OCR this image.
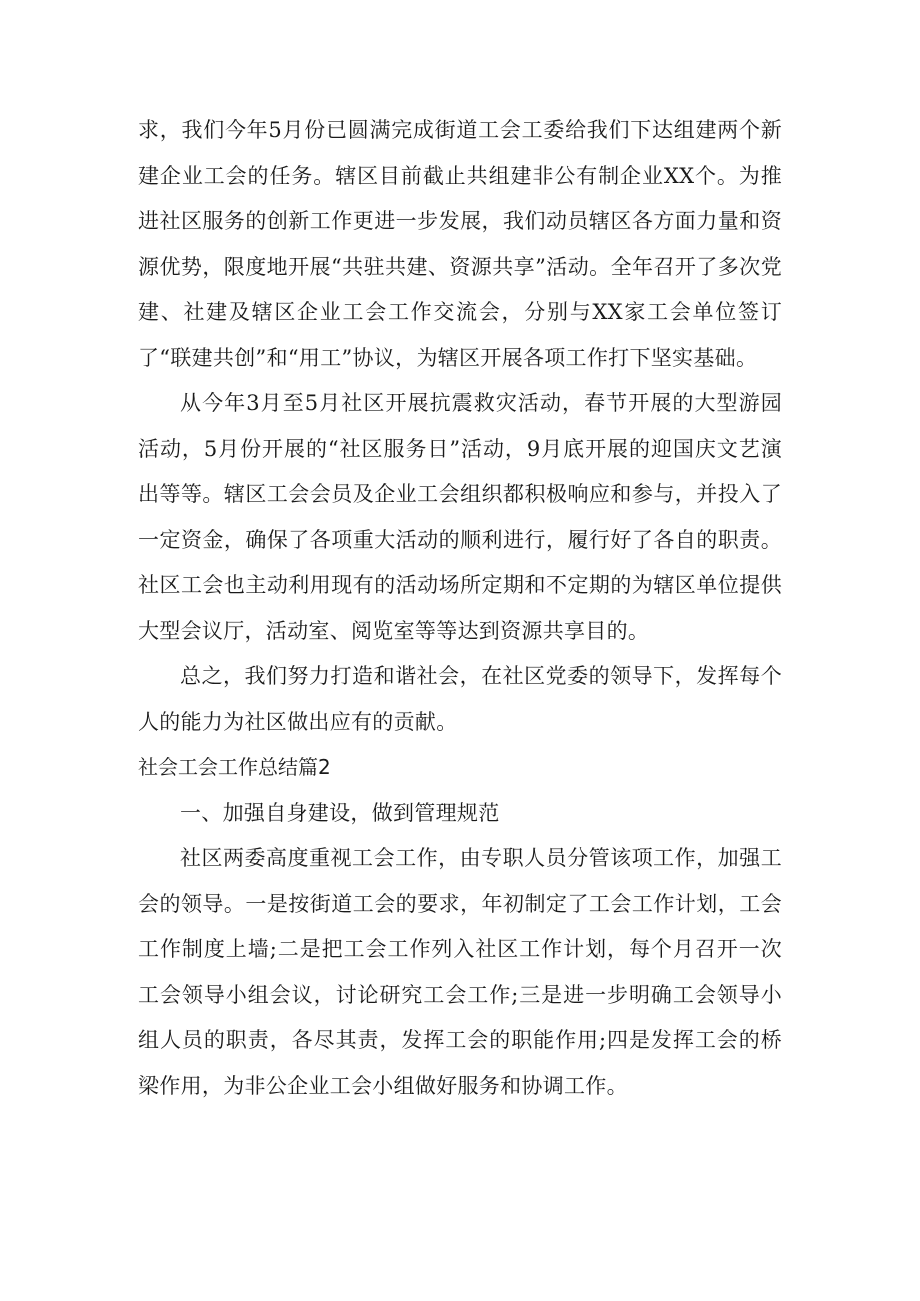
求，我们今年5月份已圆满完成街道工会工委给我们下达组建两个新建企业工会的任务。辖区目前截止共组建非公有制企业XX个。为推进社区服务的创新工作更进一步发展，我们动员辖区各方面力量和资源优势，限度地开展“共驻共建、资源共享”活动。全年召开了多次党建、社建及辖区企业工会工作交流会，分别与XX家工会单位签订了“联建共创”和“用工”协议，为辖区开展各项工作打下坚实基础。

从今年3月至5月社区开展抗震救灾活动，春节开展的大型游园活动，5月份开展的“社区服务日”活动，9月底开展的迎国庆文艺演出等等。辖区工会会员及企业工会组织都积极响应和参与，并投入了一定资金，确保了各项重大活动的顺利进行，履行好了各自的职责。社区工会也主动利用现有的活动场所定期和不定期的为辖区单位提供大型会议厅，活动室、阅览室等等达到资源共享目的。

总之，我们努力打造和谐社会，在社区党委的领导下，发挥每个人的能力为社区做出应有的贡献。

社会工会工作总结篇2

一、加强自身建设，做到管理规范

社区两委高度重视工会工作，由专职人员分管该项工作，加强工会的领导。一是按街道工会的要求，年初制定了工会工作计划，工会工作制度上墙;二是把工会工作列入社区工作计划，每个月召开一次工会领导小组会议，讨论研究工会工作;三是进一步明确工会领导小组人员的职责，各尽其责，发挥工会的职能作用;四是发挥工会的桥梁作用，为非公企业工会小组做好服务和协调工作。
